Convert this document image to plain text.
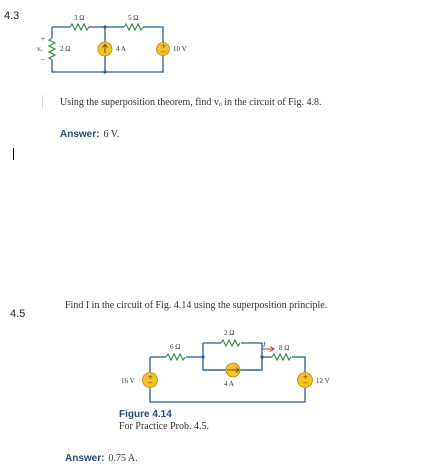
4.3
+
−
3 Ω	5 Ω
2 Ω	4 A	10 V
+
vₒ
−
Using the superposition theorem, find vₒ in the circuit of Fig. 4.8.
Answer: 6 V.
4.5
Find I in the circuit of Fig. 4.14 using the superposition principle.
+
−
+
−
6 Ω
2 Ω
8 Ω
I
4 A
16 V	12 V
Figure 4.14
For Practice Prob. 4.5.
Answer: 0.75 A.
